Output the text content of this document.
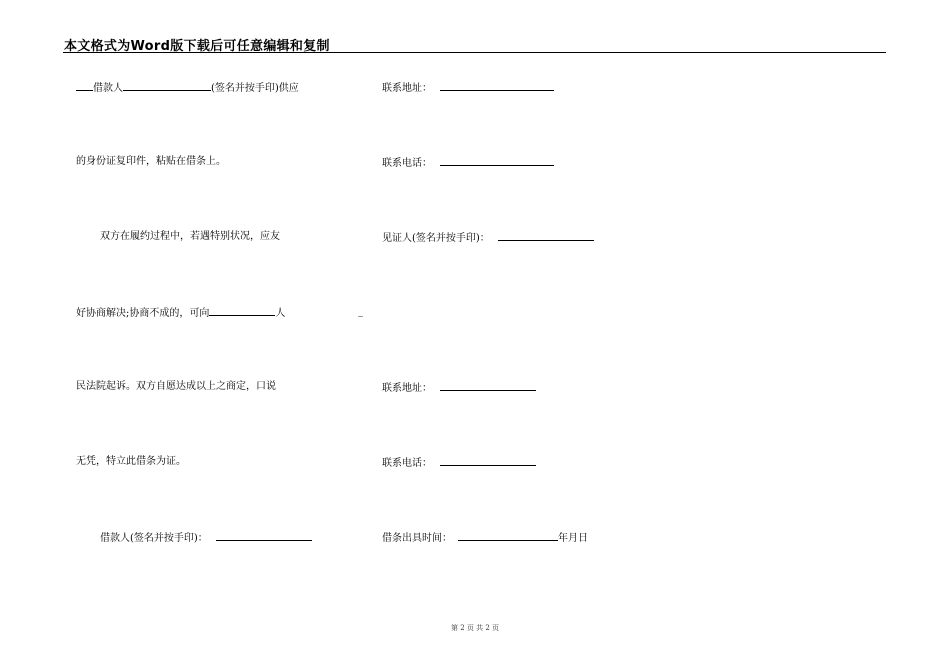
本文格式为Word版下载后可任意编辑和复制
借款人	(签名并按手印)供应
的身份证复印件，粘贴在借条上。
双方在履约过程中，若遇特别状况，应友
好协商解决;协商不成的，可向	人
民法院起诉。双方自愿达成以上之商定，口说
无凭，特立此借条为证。
借款人(签名并按手印)：
联系地址：
联系电话：
见证人(签名并按手印)：
_
联系地址：
联系电话：
借条出具时间：	年月日
第 2 页 共 2 页
